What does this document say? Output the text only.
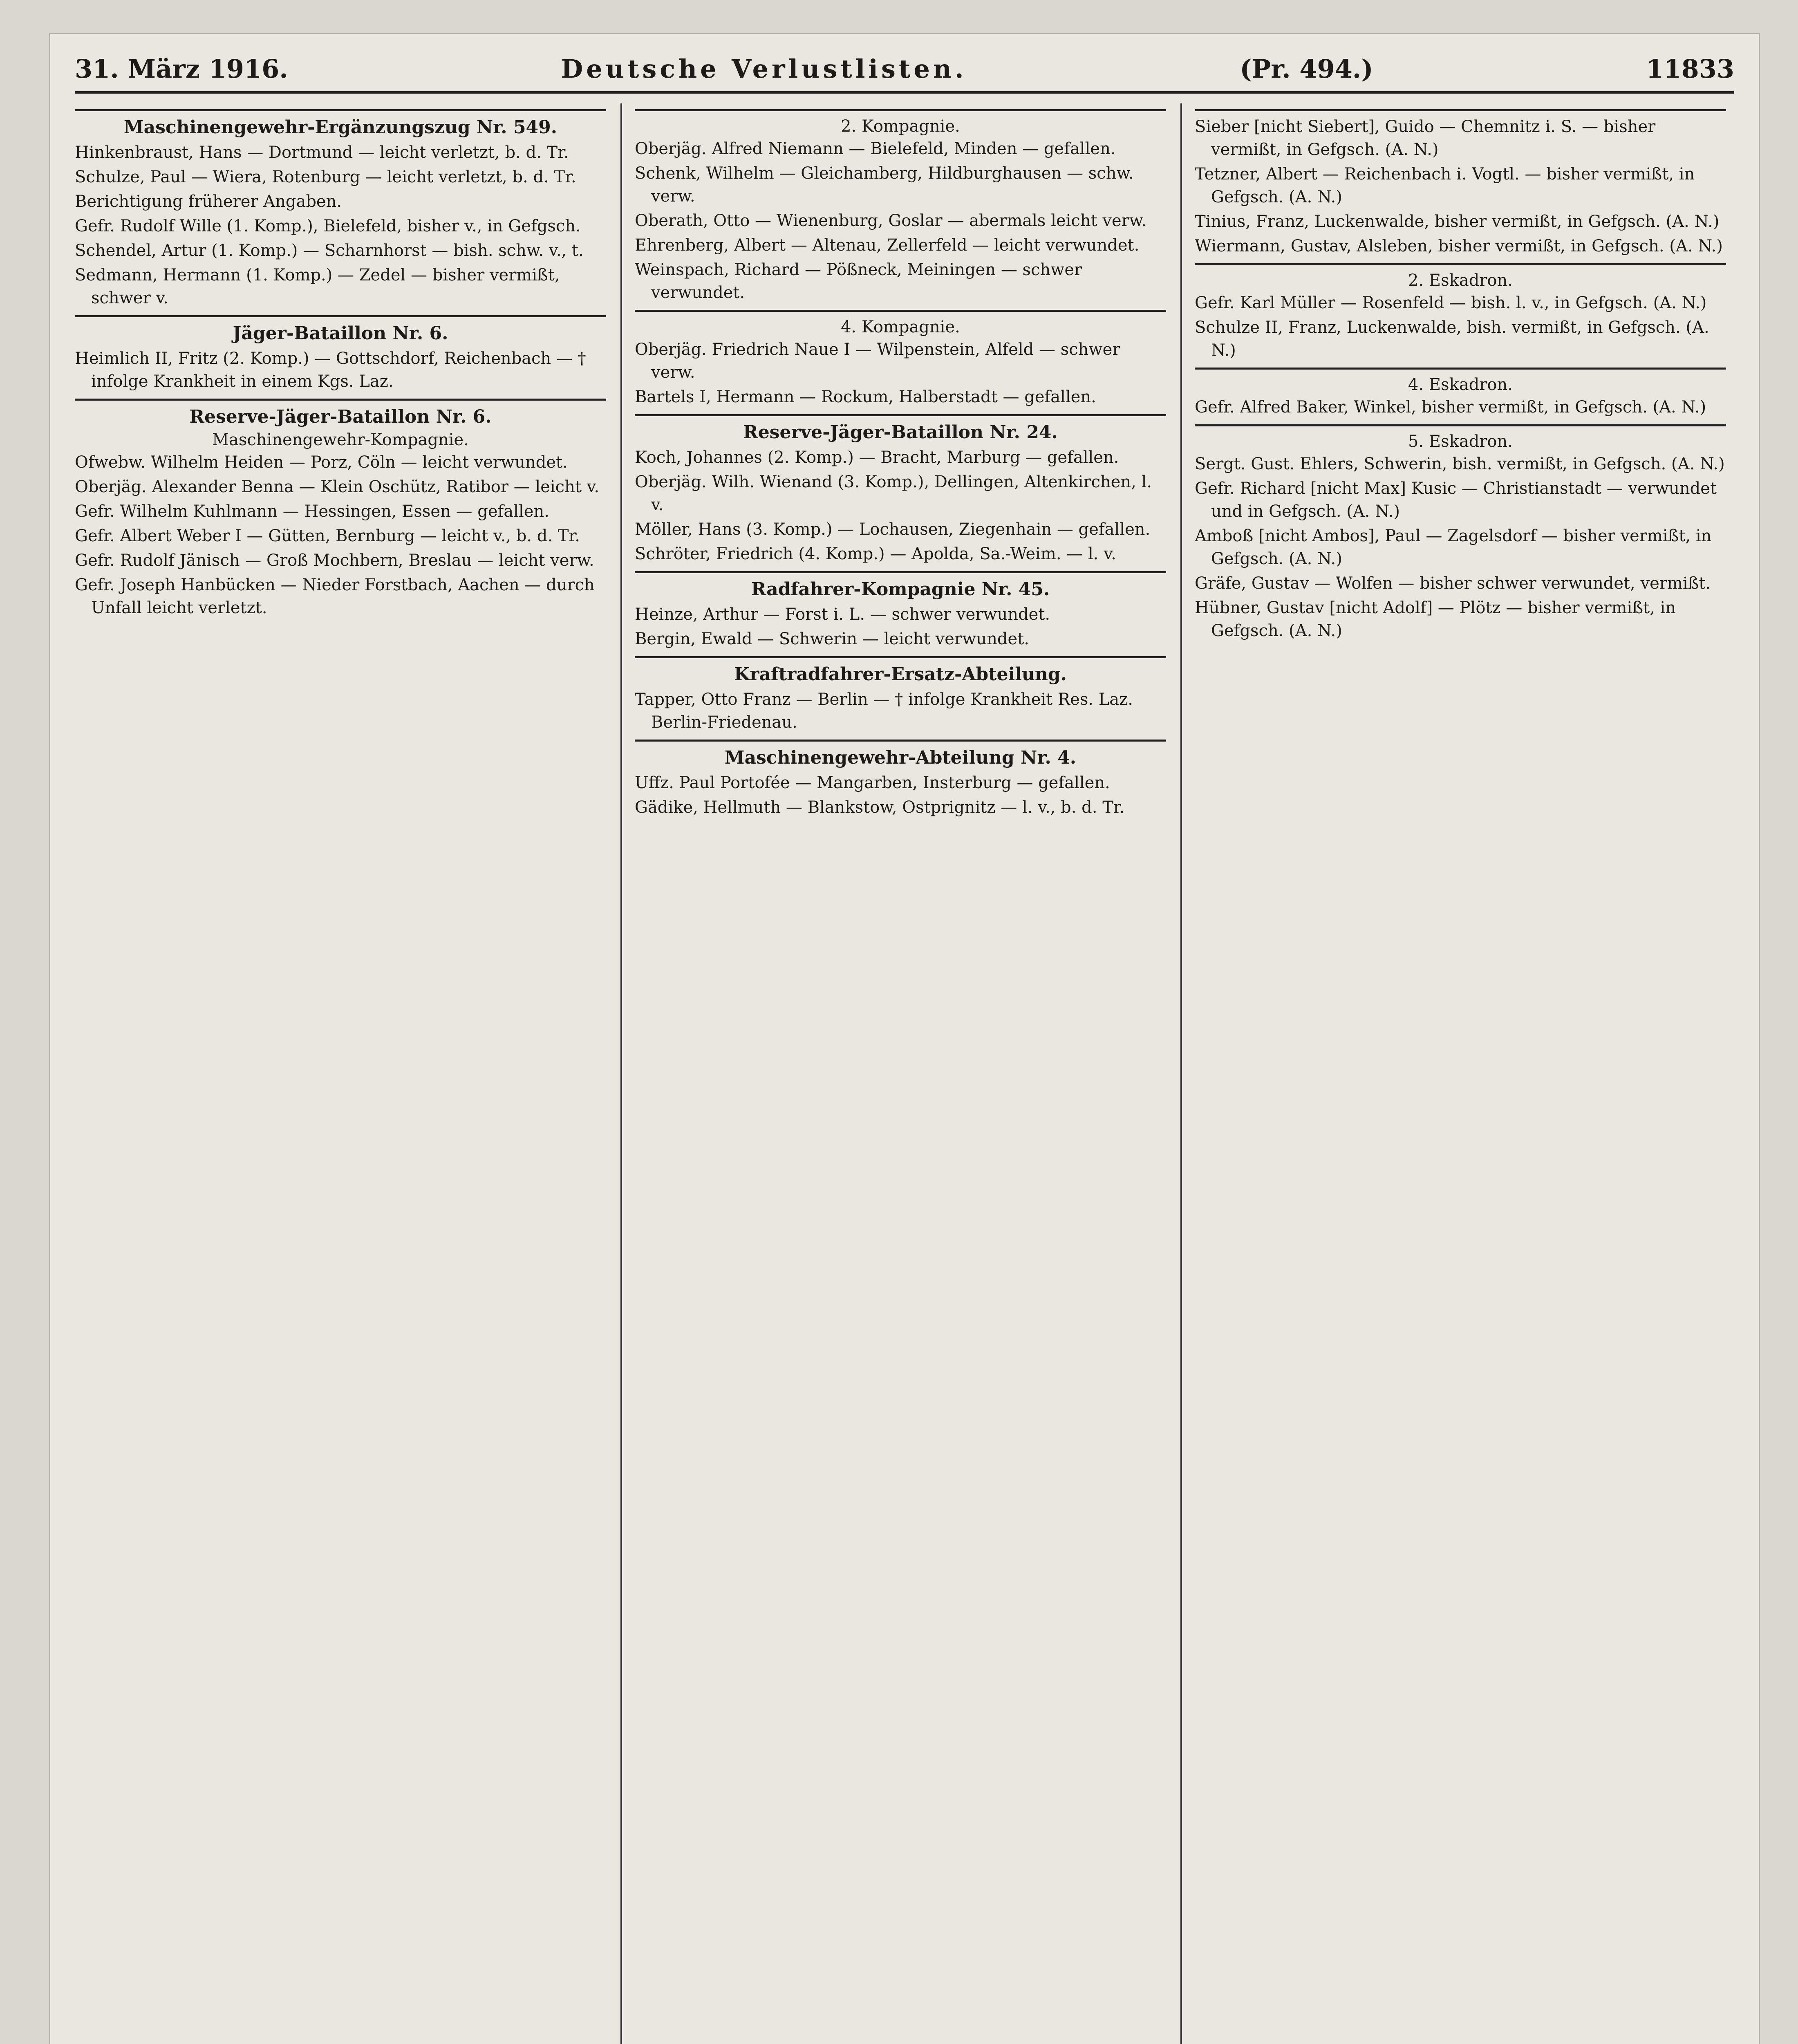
31. März 1916.	Deutsche Verlustlisten.	(Pr. 494.)	11833
Maschinengewehr-Ergänzungszug Nr. 549.
Hinkenbraust, Hans — Dortmund — leicht verletzt, b. d. Tr.
Schulze, Paul — Wiera, Rotenburg — leicht verletzt, b. d. Tr.
Berichtigung früherer Angaben.
Gefr. Rudolf Wille (1. Komp.), Bielefeld, bisher v., in Gefgsch.
Schendel, Artur (1. Komp.) — Scharnhorst — bish. schw. v., t.
Sedmann, Hermann (1. Komp.) — Zedel — bisher vermißt, schwer v.
Jäger-Bataillon Nr. 6.
Heimlich II, Fritz (2. Komp.) — Gottschdorf, Reichenbach — † infolge Krankheit in einem Kgs. Laz.
Reserve-Jäger-Bataillon Nr. 6.
Maschinengewehr-Kompagnie.
Ofwebw. Wilhelm Heiden — Porz, Cöln — leicht verwundet.
Oberjäg. Alexander Benna — Klein Oschütz, Ratibor — leicht v.
Gefr. Wilhelm Kuhlmann — Hessingen, Essen — gefallen.
Gefr. Albert Weber I — Gütten, Bernburg — leicht v., b. d. Tr.
Gefr. Rudolf Jänisch — Groß Mochbern, Breslau — leicht verw.
Gefr. Joseph Hanbücken — Nieder Forstbach, Aachen — durch Unfall leicht verletzt.
2. Kompagnie.
Oberjäg. Alfred Niemann — Bielefeld, Minden — gefallen.
Schenk, Wilhelm — Gleichamberg, Hildburghausen — schw. verw.
Oberath, Otto — Wienenburg, Goslar — abermals leicht verw.
Ehrenberg, Albert — Altenau, Zellerfeld — leicht verwundet.
Weinspach, Richard — Pößneck, Meiningen — schwer verwundet.
4. Kompagnie.
Oberjäg. Friedrich Naue I — Wilpenstein, Alfeld — schwer verw.
Bartels I, Hermann — Rockum, Halberstadt — gefallen.
Reserve-Jäger-Bataillon Nr. 24.
Koch, Johannes (2. Komp.) — Bracht, Marburg — gefallen.
Oberjäg. Wilh. Wienand (3. Komp.), Dellingen, Altenkirchen, l. v.
Möller, Hans (3. Komp.) — Lochausen, Ziegenhain — gefallen.
Schröter, Friedrich (4. Komp.) — Apolda, Sa.-Weim. — l. v.
Radfahrer-Kompagnie Nr. 45.
Heinze, Arthur — Forst i. L. — schwer verwundet.
Bergin, Ewald — Schwerin — leicht verwundet.
Kraftradfahrer-Ersatz-Abteilung.
Tapper, Otto Franz — Berlin — † infolge Krankheit Res. Laz. Berlin-Friedenau.
Maschinengewehr-Abteilung Nr. 4.
Uffz. Paul Portofée — Mangarben, Insterburg — gefallen.
Gädike, Hellmuth — Blankstow, Ostprignitz — l. v., b. d. Tr.
Sieber [nicht Siebert], Guido — Chemnitz i. S. — bisher vermißt, in Gefgsch. (A. N.)
Tetzner, Albert — Reichenbach i. Vogtl. — bisher vermißt, in Gefgsch. (A. N.)
Tinius, Franz, Luckenwalde, bisher vermißt, in Gefgsch. (A. N.)
Wiermann, Gustav, Alsleben, bisher vermißt, in Gefgsch. (A. N.)
2. Eskadron.
Gefr. Karl Müller — Rosenfeld — bish. l. v., in Gefgsch. (A. N.)
Schulze II, Franz, Luckenwalde, bish. vermißt, in Gefgsch. (A. N.)
4. Eskadron.
Gefr. Alfred Baker, Winkel, bisher vermißt, in Gefgsch. (A. N.)
5. Eskadron.
Sergt. Gust. Ehlers, Schwerin, bish. vermißt, in Gefgsch. (A. N.)
Gefr. Richard [nicht Max] Kusic — Christianstadt — verwundet und in Gefgsch. (A. N.)
Amboß [nicht Ambos], Paul — Zagelsdorf — bisher vermißt, in Gefgsch. (A. N.)
Gräfe, Gustav — Wolfen — bisher schwer verwundet, vermißt.
Hübner, Gustav [nicht Adolf] — Plötz — bisher vermißt, in Gefgsch. (A. N.)
